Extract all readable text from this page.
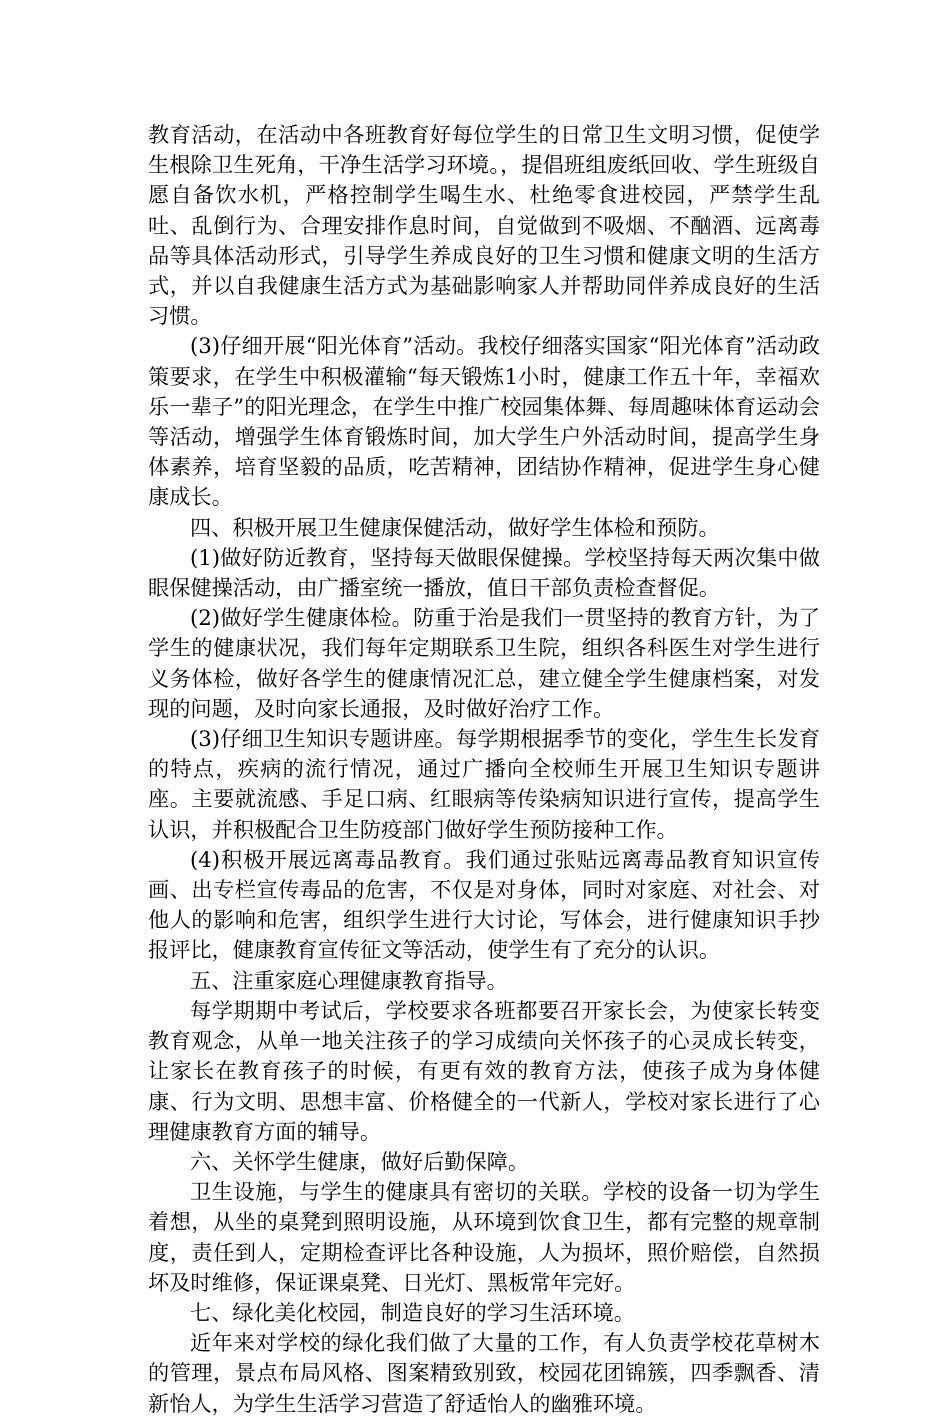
教育活动，在活动中各班教育好每位学生的日常卫生文明习惯，促使学生根除卫生死角，干净生活学习环境。，提倡班组废纸回收、学生班级自愿自备饮水机，严格控制学生喝生水、杜绝零食进校园，严禁学生乱吐、乱倒行为、合理安排作息时间，自觉做到不吸烟、不酗酒、远离毒品等具体活动形式，引导学生养成良好的卫生习惯和健康文明的生活方式，并以自我健康生活方式为基础影响家人并帮助同伴养成良好的生活习惯。

(3)仔细开展“阳光体育”活动。我校仔细落实国家“阳光体育”活动政策要求，在学生中积极灌输“每天锻炼1小时，健康工作五十年，幸福欢乐一辈子”的阳光理念，在学生中推广校园集体舞、每周趣味体育运动会等活动，增强学生体育锻炼时间，加大学生户外活动时间，提高学生身体素养，培育坚毅的品质，吃苦精神，团结协作精神，促进学生身心健康成长。

四、积极开展卫生健康保健活动，做好学生体检和预防。

(1)做好防近教育，坚持每天做眼保健操。学校坚持每天两次集中做眼保健操活动，由广播室统一播放，值日干部负责检查督促。

(2)做好学生健康体检。防重于治是我们一贯坚持的教育方针，为了学生的健康状况，我们每年定期联系卫生院，组织各科医生对学生进行义务体检，做好各学生的健康情况汇总，建立健全学生健康档案，对发现的问题，及时向家长通报，及时做好治疗工作。

(3)仔细卫生知识专题讲座。每学期根据季节的变化，学生生长发育的特点，疾病的流行情况，通过广播向全校师生开展卫生知识专题讲座。主要就流感、手足口病、红眼病等传染病知识进行宣传，提高学生认识，并积极配合卫生防疫部门做好学生预防接种工作。

(4)积极开展远离毒品教育。我们通过张贴远离毒品教育知识宣传画、出专栏宣传毒品的危害，不仅是对身体，同时对家庭、对社会、对他人的影响和危害，组织学生进行大讨论，写体会，进行健康知识手抄报评比，健康教育宣传征文等活动，使学生有了充分的认识。

五、注重家庭心理健康教育指导。

每学期期中考试后，学校要求各班都要召开家长会，为使家长转变教育观念，从单一地关注孩子的学习成绩向关怀孩子的心灵成长转变，让家长在教育孩子的时候，有更有效的教育方法，使孩子成为身体健康、行为文明、思想丰富、价格健全的一代新人，学校对家长进行了心理健康教育方面的辅导。

六、关怀学生健康，做好后勤保障。

卫生设施，与学生的健康具有密切的关联。学校的设备一切为学生着想，从坐的桌凳到照明设施，从环境到饮食卫生，都有完整的规章制度，责任到人，定期检查评比各种设施，人为损坏，照价赔偿，自然损坏及时维修，保证课桌凳、日光灯、黑板常年完好。

七、绿化美化校园，制造良好的学习生活环境。

近年来对学校的绿化我们做了大量的工作，有人负责学校花草树木的管理，景点布局风格、图案精致别致，校园花团锦簇，四季飘香、清新怡人，为学生生活学习营造了舒适怡人的幽雅环境。
